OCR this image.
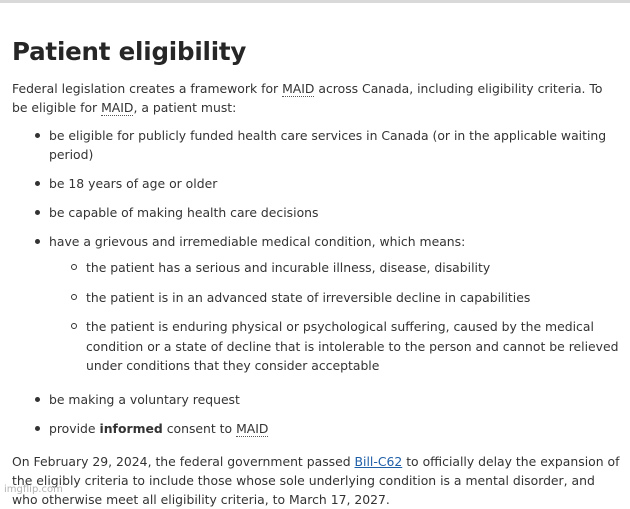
Patient eligibility

Federal legislation creates a framework for MAID across Canada, including eligibility criteria. To be eligible for MAID, a patient must:

be eligible for publicly funded health care services in Canada (or in the applicable waiting period)
be 18 years of age or older
be capable of making health care decisions
have a grievous and irremediable medical condition, which means:
the patient has a serious and incurable illness, disease, disability
the patient is in an advanced state of irreversible decline in capabilities
the patient is enduring physical or psychological suffering, caused by the medical condition or a state of decline that is intolerable to the person and cannot be relieved under conditions that they consider acceptable
be making a voluntary request
provide informed consent to MAID

On February 29, 2024, the federal government passed Bill-C62 to officially delay the expansion of the eligibly criteria to include those whose sole underlying condition is a mental disorder, and who otherwise meet all eligibility criteria, to March 17, 2027.

imgflip.com
